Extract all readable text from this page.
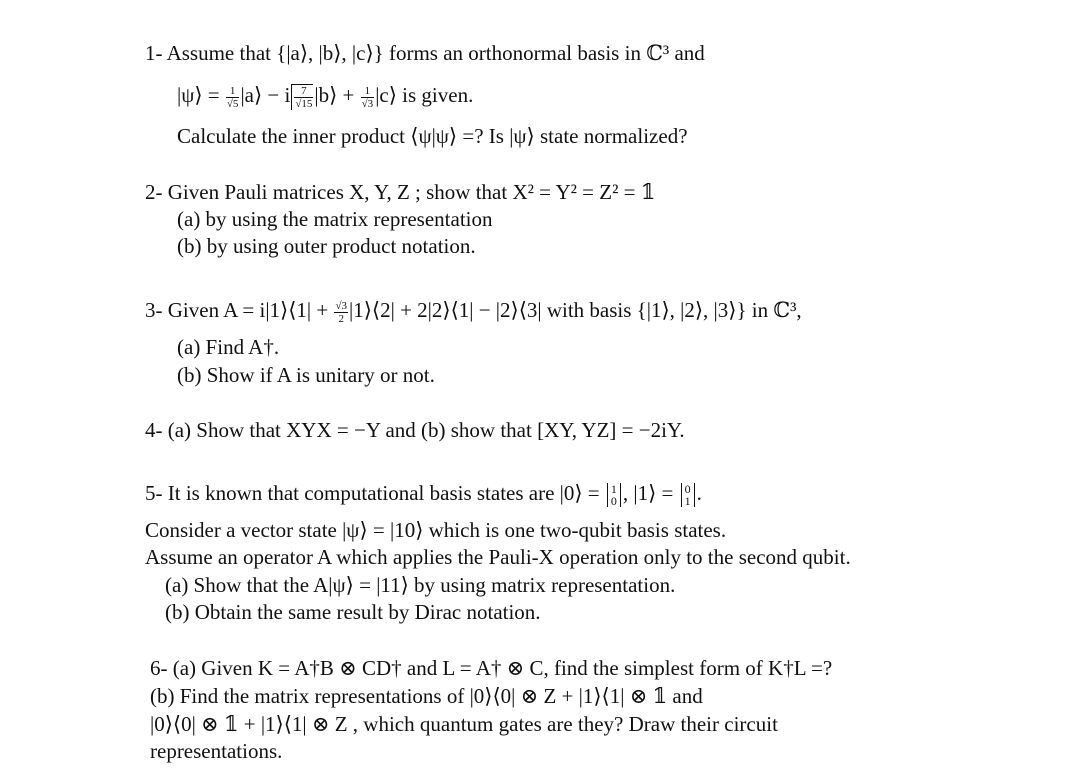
1- Assume that {|a⟩, |b⟩, |c⟩} forms an orthonormal basis in ℂ³ and
|ψ⟩ = $\frac{1}{√5}$ |a⟩ − i $\frac{7}{√15}$ |b⟩ + $\frac{1}{√3}$ |c⟩ is given.
Calculate the inner product ⟨ψ|ψ⟩ =? Is |ψ⟩ state normalized?
2- Given Pauli matrices X, Y, Z ; show that X² = Y² = Z² = 𝟙
(a) by using the matrix representation
(b) by using outer product notation.
3- Given A = i|1⟩⟨1| + $\frac{√3}{2}$ |1⟩⟨2| + 2|2⟩⟨1| − |2⟩⟨3| with basis {|1⟩, |2⟩, |3⟩} in ℂ³,
(a) Find A†.
(b) Show if A is unitary or not.
4- (a) Show that XYX = −Y and (b) show that [XY, YZ] = −2iY.
5- It is known that computational basis states are |0⟩ = 1
0 , |1⟩ = 0
1 .
Consider a vector state |ψ⟩ = |10⟩ which is one two-qubit basis states.
Assume an operator A which applies the Pauli-X operation only to the second qubit.
(a) Show that the A|ψ⟩ = |11⟩ by using matrix representation.
(b) Obtain the same result by Dirac notation.
6- (a) Given K = A†B ⊗ CD† and L = A† ⊗ C, find the simplest form of K†L =?
(b) Find the matrix representations of |0⟩⟨0| ⊗ Z + |1⟩⟨1| ⊗ 𝟙 and
|0⟩⟨0| ⊗ 𝟙 + |1⟩⟨1| ⊗ Z , which quantum gates are they? Draw their circuit
representations.
